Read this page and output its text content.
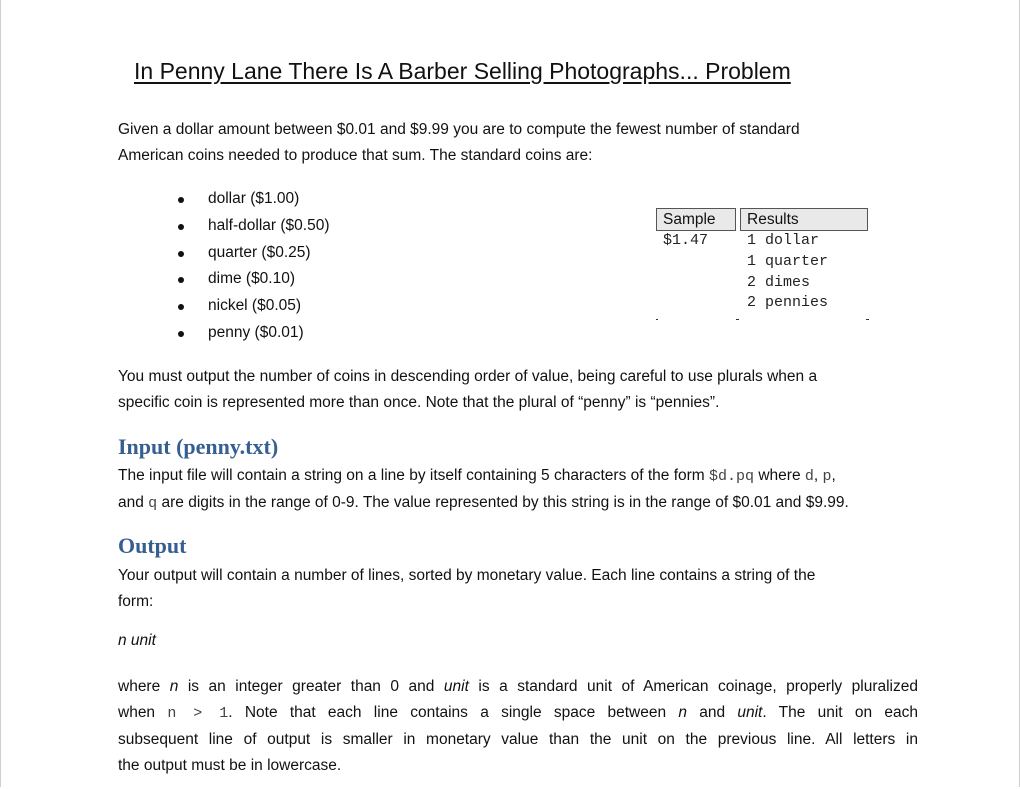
In Penny Lane There Is A Barber Selling Photographs... Problem
Given a dollar amount between $0.01 and $9.99 you are to compute the fewest number of standard
American coins needed to produce that sum. The standard coins are:
dollar ($1.00)
half-dollar ($0.50)
quarter ($0.25)
dime ($0.10)
nickel ($0.05)
penny ($0.01)
Sample	Results
$1.47	1 dollar
1 quarter
2 dimes
2 pennies
You must output the number of coins in descending order of value, being careful to use plurals when a
specific coin is represented more than once. Note that the plural of “penny” is “pennies”.
Input (penny.txt)
The input file will contain a string on a line by itself containing 5 characters of the form $d.pq where d, p,
and q are digits in the range of 0-9. The value represented by this string is in the range of $0.01 and $9.99.
Output
Your output will contain a number of lines, sorted by monetary value. Each line contains a string of the
form:
n unit
where n is an integer greater than 0 and unit is a standard unit of American coinage, properly pluralized
when n > 1. Note that each line contains a single space between n and unit. The unit on each
subsequent line of output is smaller in monetary value than the unit on the previous line. All letters in
the output must be in lowercase.
